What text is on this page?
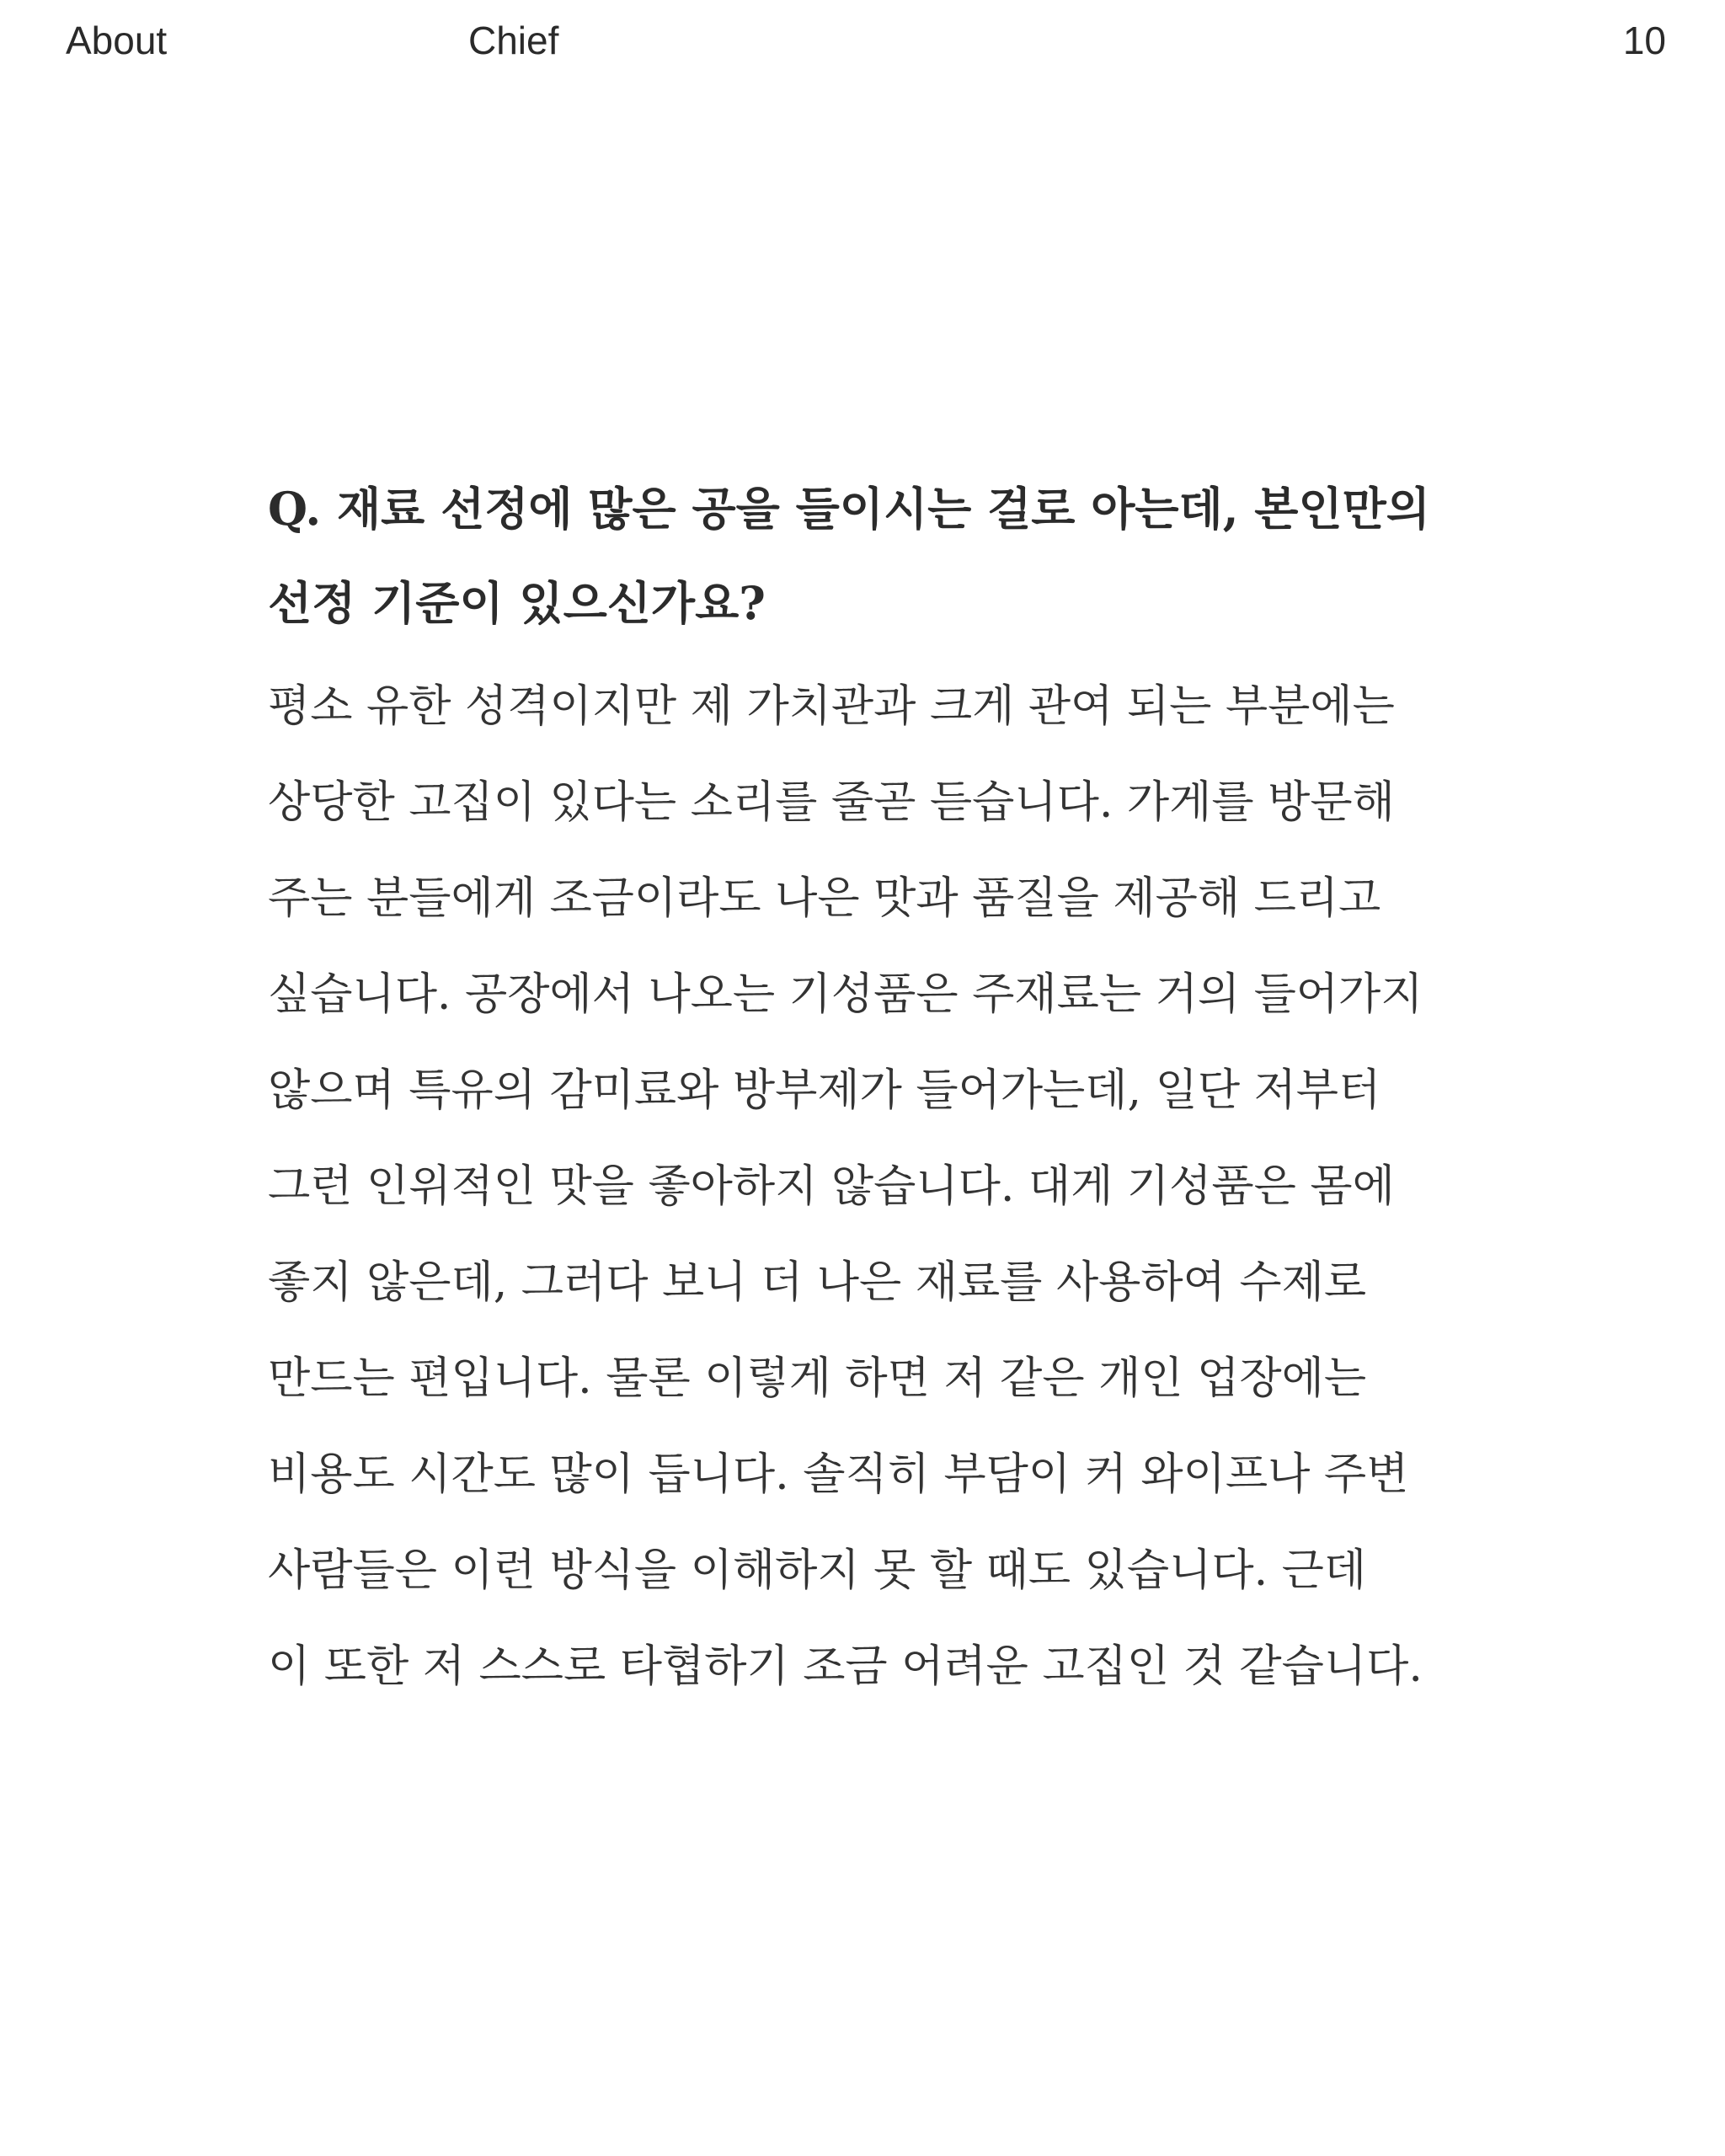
About	Chief	10
Q. 재료 선정에 많은 공을 들이시는 걸로 아는데, 본인만의
선정 기준이 있으신가요?

평소 유한 성격이지만 제 가치관과 크게 관여 되는 부분에는
상당한 고집이 있다는 소리를 줄곧 듣습니다. 가게를 방문해
주는 분들에게 조금이라도 나은 맛과 품질을 제공해 드리고
싶습니다. 공장에서 나오는 기성품은 주재료는 거의 들어가지
않으며 특유의 감미료와 방부제가 들어가는데, 일단 저부터
그런 인위적인 맛을 좋아하지 않습니다. 대게 기성품은 몸에
좋지 않은데, 그러다 보니 더 나은 재료를 사용하여 수제로
만드는 편입니다. 물론 이렇게 하면 저 같은 개인 업장에는
비용도 시간도 많이 듭니다. 솔직히 부담이 커 와이프나 주변
사람들은 이런 방식을 이해하지 못 할 때도 있습니다. 근데
이 또한 저 스스로 타협하기 조금 어려운 고집인 것 같습니다.
